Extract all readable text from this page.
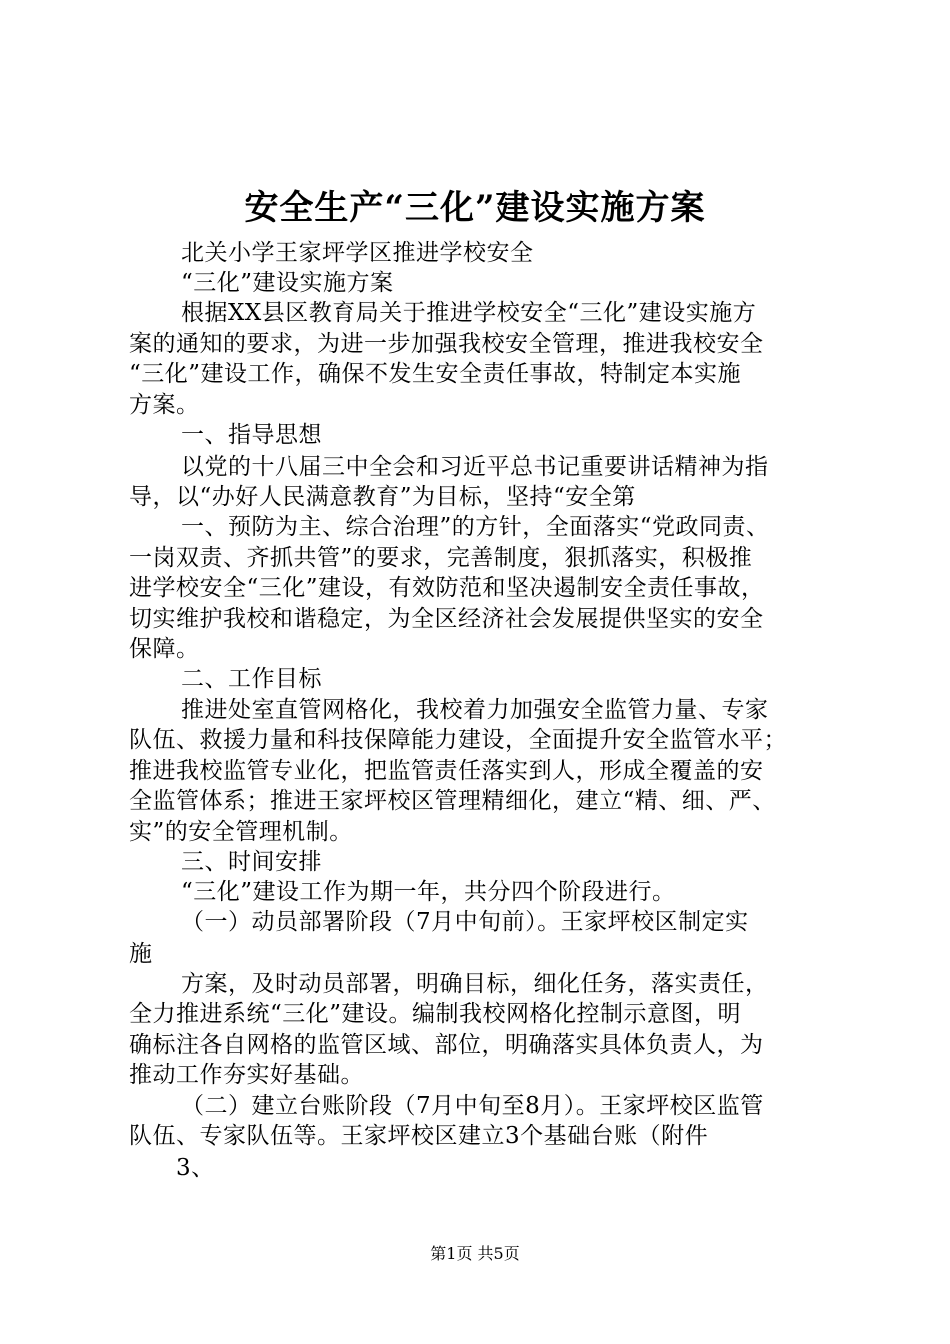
安全生产“三化”建设实施方案
北关小学王家坪学区推进学校安全
“三化”建设实施方案
根据XX县区教育局关于推进学校安全“三化”建设实施方
案的通知的要求，为进一步加强我校安全管理，推进我校安全
“三化”建设工作，确保不发生安全责任事故，特制定本实施
方案。
一、指导思想
以党的十八届三中全会和习近平总书记重要讲话精神为指
导，以“办好人民满意教育”为目标，坚持“安全第
一、预防为主、综合治理”的方针，全面落实“党政同责、
一岗双责、齐抓共管”的要求，完善制度，狠抓落实，积极推
进学校安全“三化”建设，有效防范和坚决遏制安全责任事故，
切实维护我校和谐稳定，为全区经济社会发展提供坚实的安全
保障。
二、工作目标
推进处室直管网格化，我校着力加强安全监管力量、专家
队伍、救援力量和科技保障能力建设，全面提升安全监管水平；
推进我校监管专业化，把监管责任落实到人，形成全覆盖的安
全监管体系；推进王家坪校区管理精细化，建立“精、细、严、
实”的安全管理机制。
三、时间安排
“三化”建设工作为期一年，共分四个阶段进行。
（一）动员部署阶段（7月中旬前）。王家坪校区制定实
施
方案，及时动员部署，明确目标，细化任务，落实责任，
全力推进系统“三化”建设。编制我校网格化控制示意图，明
确标注各自网格的监管区域、部位，明确落实具体负责人，为
推动工作夯实好基础。
（二）建立台账阶段（7月中旬至8月）。王家坪校区监管
队伍、专家队伍等。王家坪校区建立3个基础台账（附件
3、
第1页 共5页
